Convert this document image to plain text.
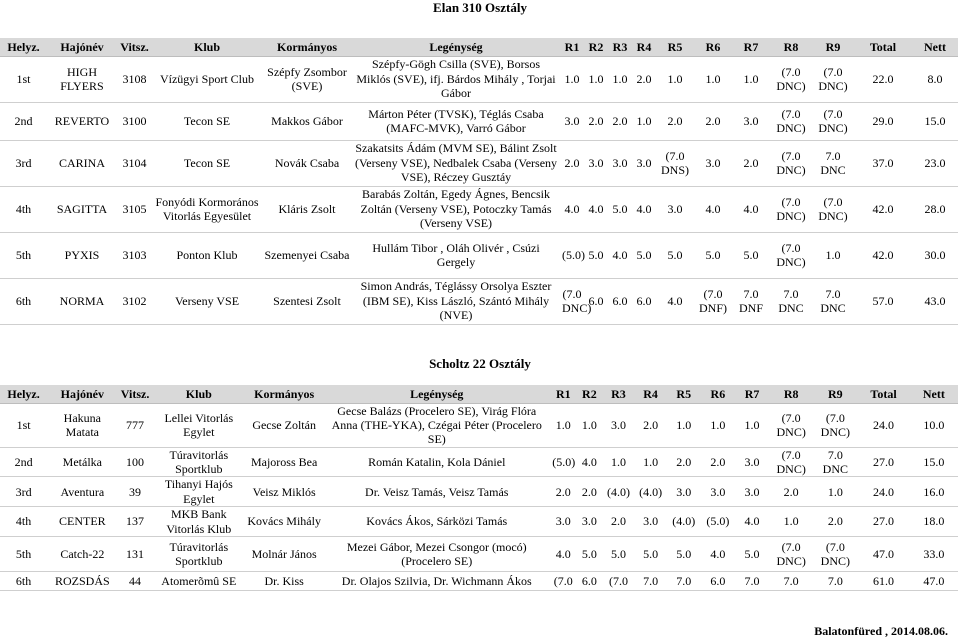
Elan 310 Osztály
Helyz.	Hajónév	Vitsz.	Klub	Kormányos	Legénység	R1	R2	R3	R4	R5	R6	R7	R8	R9	Total	Nett
1st	HIGH FLYERS	3108	Vízügyi Sport Club	Szépfy Zsombor (SVE)	Szépfy-Gögh Csilla (SVE), Borsos Miklós (SVE), ifj. Bárdos Mihály , Torjai Gábor	1.0	1.0	1.0	2.0	1.0	1.0	1.0	(7.0 DNC)	(7.0 DNC)	22.0	8.0
2nd	REVERTO	3100	Tecon SE	Makkos Gábor	Márton Péter (TVSK), Téglás Csaba (MAFC-MVK), Varró Gábor	3.0	2.0	2.0	1.0	2.0	2.0	3.0	(7.0 DNC)	(7.0 DNC)	29.0	15.0
3rd	CARINA	3104	Tecon SE	Novák Csaba	Szakatsits Ádám (MVM SE), Bálint Zsolt (Verseny VSE), Nedbalek Csaba (Verseny VSE), Réczey Gusztáy	2.0	3.0	3.0	3.0	(7.0 DNS)	3.0	2.0	(7.0 DNC)	7.0 DNC	37.0	23.0
4th	SAGITTA	3105	Fonyódi Kormorános Vitorlás Egyesület	Kláris Zsolt	Barabás Zoltán, Egedy Ágnes, Bencsik Zoltán (Verseny VSE), Potoczky Tamás (Verseny VSE)	4.0	4.0	5.0	4.0	3.0	4.0	4.0	(7.0 DNC)	(7.0 DNC)	42.0	28.0
5th	PYXIS	3103	Ponton Klub	Szemenyei Csaba	Hullám Tibor , Oláh Olivér , Csúzi Gergely	(5.0)	5.0	4.0	5.0	5.0	5.0	5.0	(7.0 DNC)	1.0	42.0	30.0
6th	NORMA	3102	Verseny VSE	Szentesi Zsolt	Simon András, Téglássy Orsolya Eszter (IBM SE), Kiss László, Szántó Mihály (NVE)	(7.0 DNC)	6.0	6.0	6.0	4.0	(7.0 DNF)	7.0 DNF	7.0 DNC	7.0 DNC	57.0	43.0
Scholtz 22 Osztály
Helyz.	Hajónév	Vitsz.	Klub	Kormányos	Legénység	R1	R2	R3	R4	R5	R6	R7	R8	R9	Total	Nett
1st	Hakuna Matata	777	Lellei Vitorlás Egylet	Gecse Zoltán	Gecse Balázs (Procelero SE), Virág Flóra Anna (THE-YKA), Czégai Péter (Procelero SE)	1.0	1.0	3.0	2.0	1.0	1.0	1.0	(7.0 DNC)	(7.0 DNC)	24.0	10.0
2nd	Metálka	100	Túravitorlás Sportklub	Majoross Bea	Román Katalin, Kola Dániel	(5.0)	4.0	1.0	1.0	2.0	2.0	3.0	(7.0 DNC)	7.0 DNC	27.0	15.0
3rd	Aventura	39	Tihanyi Hajós Egylet	Veisz Miklós	Dr. Veisz Tamás, Veisz Tamás	2.0	2.0	(4.0)	(4.0)	3.0	3.0	3.0	2.0	1.0	24.0	16.0
4th	CENTER	137	MKB Bank Vitorlás Klub	Kovács Mihály	Kovács Ákos, Sárközi Tamás	3.0	3.0	2.0	3.0	(4.0)	(5.0)	4.0	1.0	2.0	27.0	18.0
5th	Catch-22	131	Túravitorlás Sportklub	Molnár János	Mezei Gábor, Mezei Csongor (mocó) (Procelero SE)	4.0	5.0	5.0	5.0	5.0	4.0	5.0	(7.0 DNC)	(7.0 DNC)	47.0	33.0
6th	ROZSDÁS	44	Atomerõmû SE	Dr. Kiss	Dr. Olajos Szilvia, Dr. Wichmann Ákos	(7.0	6.0	(7.0	7.0	7.0	6.0	7.0	7.0	7.0	61.0	47.0
Balatonfüred , 2014.08.06.
